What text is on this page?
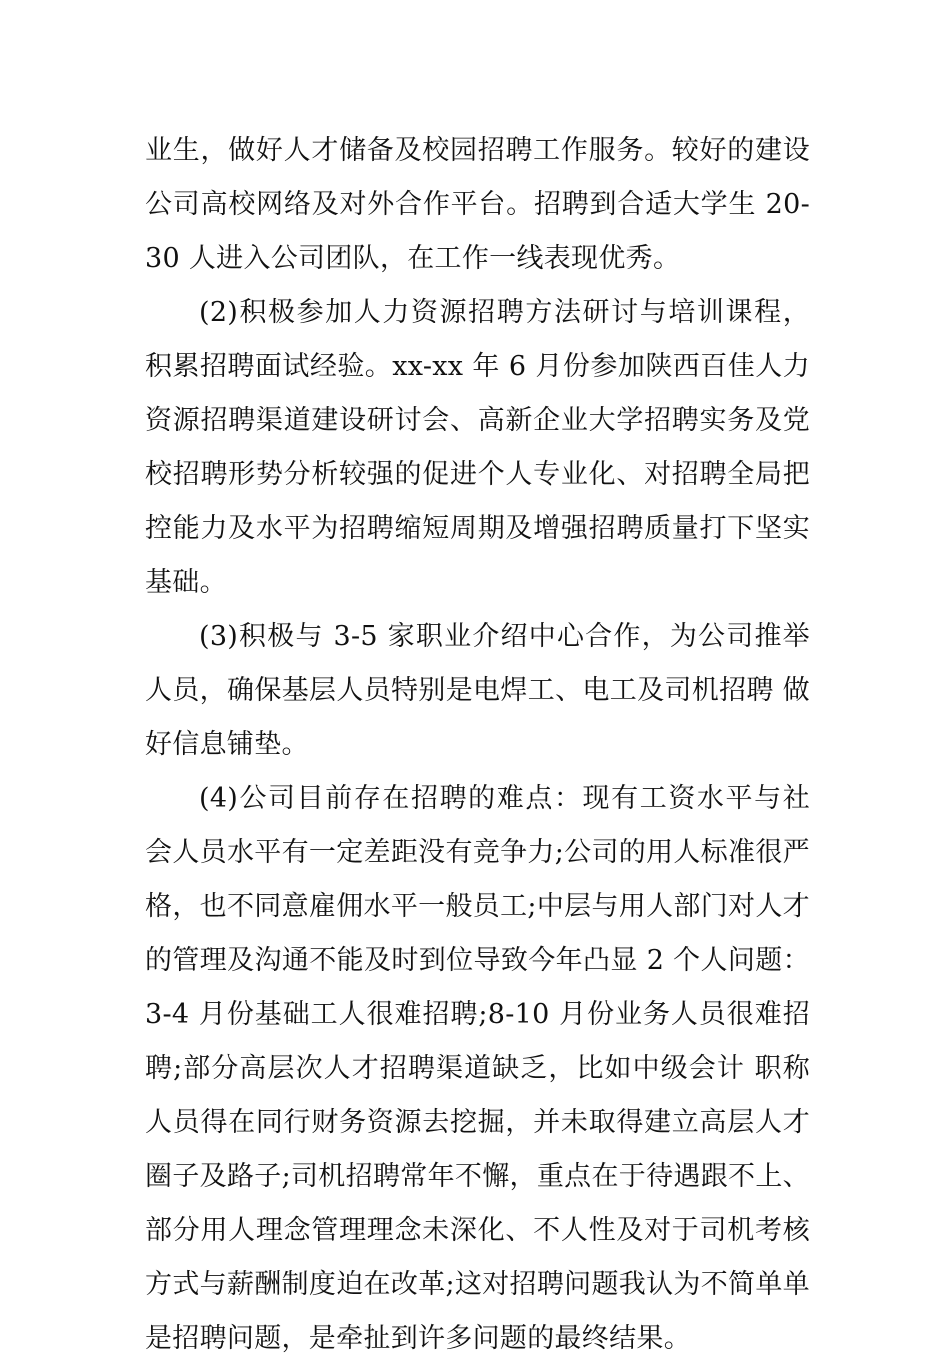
业生，做好人才储备及校园招聘工作服务。较好的建设公司高校网络及对外合作平台。招聘到合适大学生 20-30 人进入公司团队，在工作一线表现优秀。

(2)积极参加人力资源招聘方法研讨与培训课程，积累招聘面试经验。xx-xx 年 6 月份参加陕西百佳人力资源招聘渠道建设研讨会、高新企业大学招聘实务及党校招聘形势分析较强的促进个人专业化、对招聘全局把控能力及水平为招聘缩短周期及增强招聘质量打下坚实基础。

(3)积极与 3-5 家职业介绍中心合作，为公司推举人员，确保基层人员特别是电焊工、电工及司机招聘 做好信息铺垫。

(4)公司目前存在招聘的难点：现有工资水平与社会人员水平有一定差距没有竞争力;公司的用人标准很严格，也不同意雇佣水平一般员工;中层与用人部门对人才的管理及沟通不能及时到位导致今年凸显 2 个人问题：3-4 月份基础工人很难招聘;8-10 月份业务人员很难招聘;部分高层次人才招聘渠道缺乏，比如中级会计 职称人员得在同行财务资源去挖掘，并未取得建立高层人才圈子及路子;司机招聘常年不懈，重点在于待遇跟不上、部分用人理念管理理念未深化、不人性及对于司机考核方式与薪酬制度迫在改革;这对招聘问题我认为不简单单是招聘问题，是牵扯到许多问题的最终结果。
